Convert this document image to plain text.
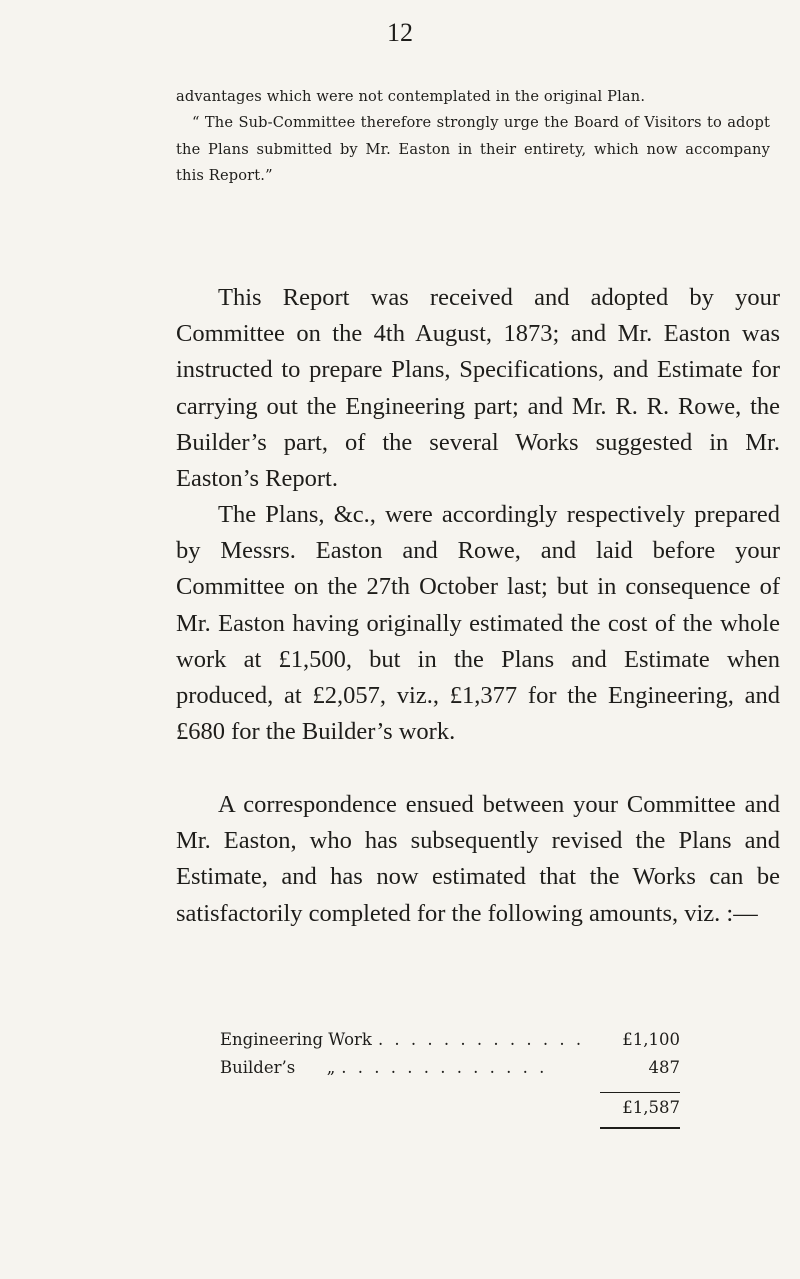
12

advantages which were not contemplated in the original Plan.

“ The Sub-Committee therefore strongly urge the Board of Visitors to adopt the Plans submitted by Mr. Easton in their entirety, which now accompany this Report.”

This Report was received and adopted by your Committee on the 4th August, 1873; and Mr. Easton was instructed to prepare Plans, Specifications, and Estimate for carrying out the Engineering part; and Mr. R. R. Rowe, the Builder’s part, of the several Works suggested in Mr. Easton’s Report.

The Plans, &c., were accordingly respectively prepared by Messrs. Easton and Rowe, and laid before your Committee on the 27th October last; but in consequence of Mr. Easton having originally estimated the cost of the whole work at £1,500, but in the Plans and Estimate when produced, at £2,057, viz., £1,377 for the Engineering, and £680 for the Builder’s work.

A correspondence ensued between your Committee and Mr. Easton, who has subsequently revised the Plans and Estimate, and has now estimated that the Works can be satisfactorily completed for the following amounts, viz. :—

Engineering Work . . . . . . . . . . . . .	£1,100
Builder’s      „ . . . . . . . . . . . . .	487
£1,587
